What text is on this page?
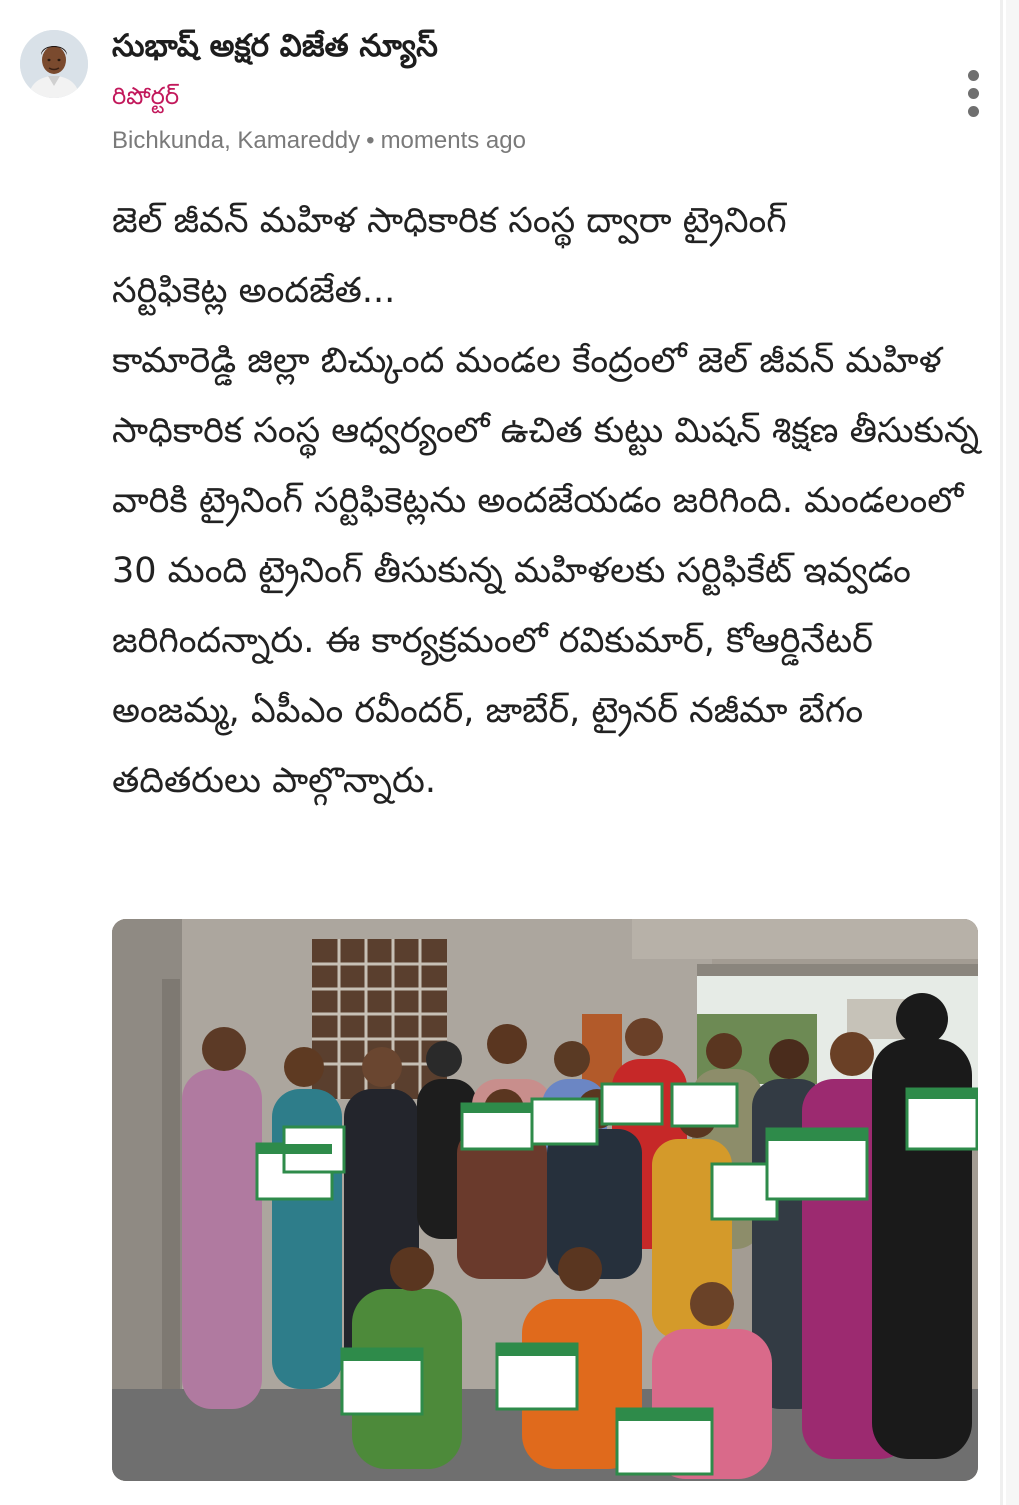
సుభాష్ అక్షర విజేత న్యూస్
రిపోర్టర్
Bichkunda, Kamareddy • moments ago

జెల్ జీవన్ మహిళ సాధికారిక సంస్థ ద్వారా ట్రైనింగ్

సర్టిఫికెట్ల అందజేత...

కామారెడ్డి జిల్లా బిచ్కుంద మండల కేంద్రంలో జెల్ జీవన్ మహిళ సాధికారిక సంస్థ ఆధ్వర్యంలో ఉచిత కుట్టు మిషన్ శిక్షణ తీసుకున్న వారికి ట్రైనింగ్ సర్టిఫికెట్లను అందజేయడం జరిగింది. మండలంలో 30 మంది ట్రైనింగ్ తీసుకున్న మహిళలకు సర్టిఫికేట్ ఇవ్వడం జరిగిందన్నారు. ఈ కార్యక్రమంలో రవికుమార్, కోఆర్డినేటర్ అంజమ్మ, ఏపీఎం రవీందర్, జాబేర్, ట్రైనర్ నజీమా బేగం తదితరులు పాల్గొన్నారు.
